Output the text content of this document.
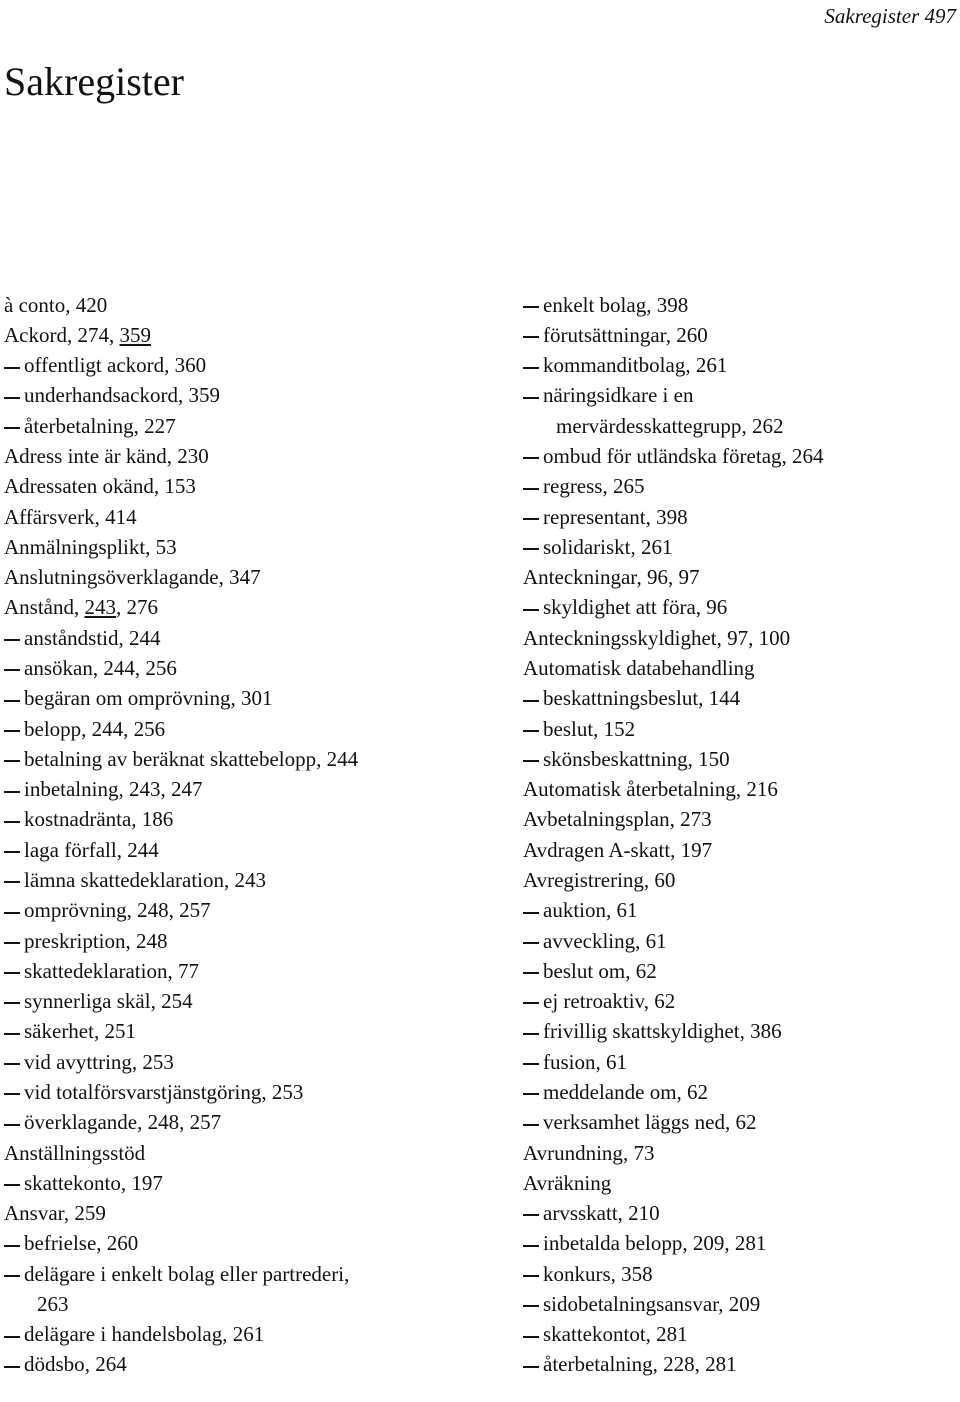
Sakregister 497
Sakregister
à conto, 420
Ackord, 274, 359
offentligt ackord, 360
underhandsackord, 359
återbetalning, 227
Adress inte är känd, 230
Adressaten okänd, 153
Affärsverk, 414
Anmälningsplikt, 53
Anslutningsöverklagande, 347
Anstånd, 243, 276
anståndstid, 244
ansökan, 244, 256
begäran om omprövning, 301
belopp, 244, 256
betalning av beräknat skattebelopp, 244
inbetalning, 243, 247
kostnadränta, 186
laga förfall, 244
lämna skattedeklaration, 243
omprövning, 248, 257
preskription, 248
skattedeklaration, 77
synnerliga skäl, 254
säkerhet, 251
vid avyttring, 253
vid totalförsvarstjänstgöring, 253
överklagande, 248, 257
Anställningsstöd
skattekonto, 197
Ansvar, 259
befrielse, 260
delägare i enkelt bolag eller partrederi,
263
delägare i handelsbolag, 261
dödsbo, 264
enkelt bolag, 398
förutsättningar, 260
kommanditbolag, 261
näringsidkare i en
mervärdesskattegrupp, 262
ombud för utländska företag, 264
regress, 265
representant, 398
solidariskt, 261
Anteckningar, 96, 97
skyldighet att föra, 96
Anteckningsskyldighet, 97, 100
Automatisk databehandling
beskattningsbeslut, 144
beslut, 152
skönsbeskattning, 150
Automatisk återbetalning, 216
Avbetalningsplan, 273
Avdragen A-skatt, 197
Avregistrering, 60
auktion, 61
avveckling, 61
beslut om, 62
ej retroaktiv, 62
frivillig skattskyldighet, 386
fusion, 61
meddelande om, 62
verksamhet läggs ned, 62
Avrundning, 73
Avräkning
arvsskatt, 210
inbetalda belopp, 209, 281
konkurs, 358
sidobetalningsansvar, 209
skattekontot, 281
återbetalning, 228, 281
